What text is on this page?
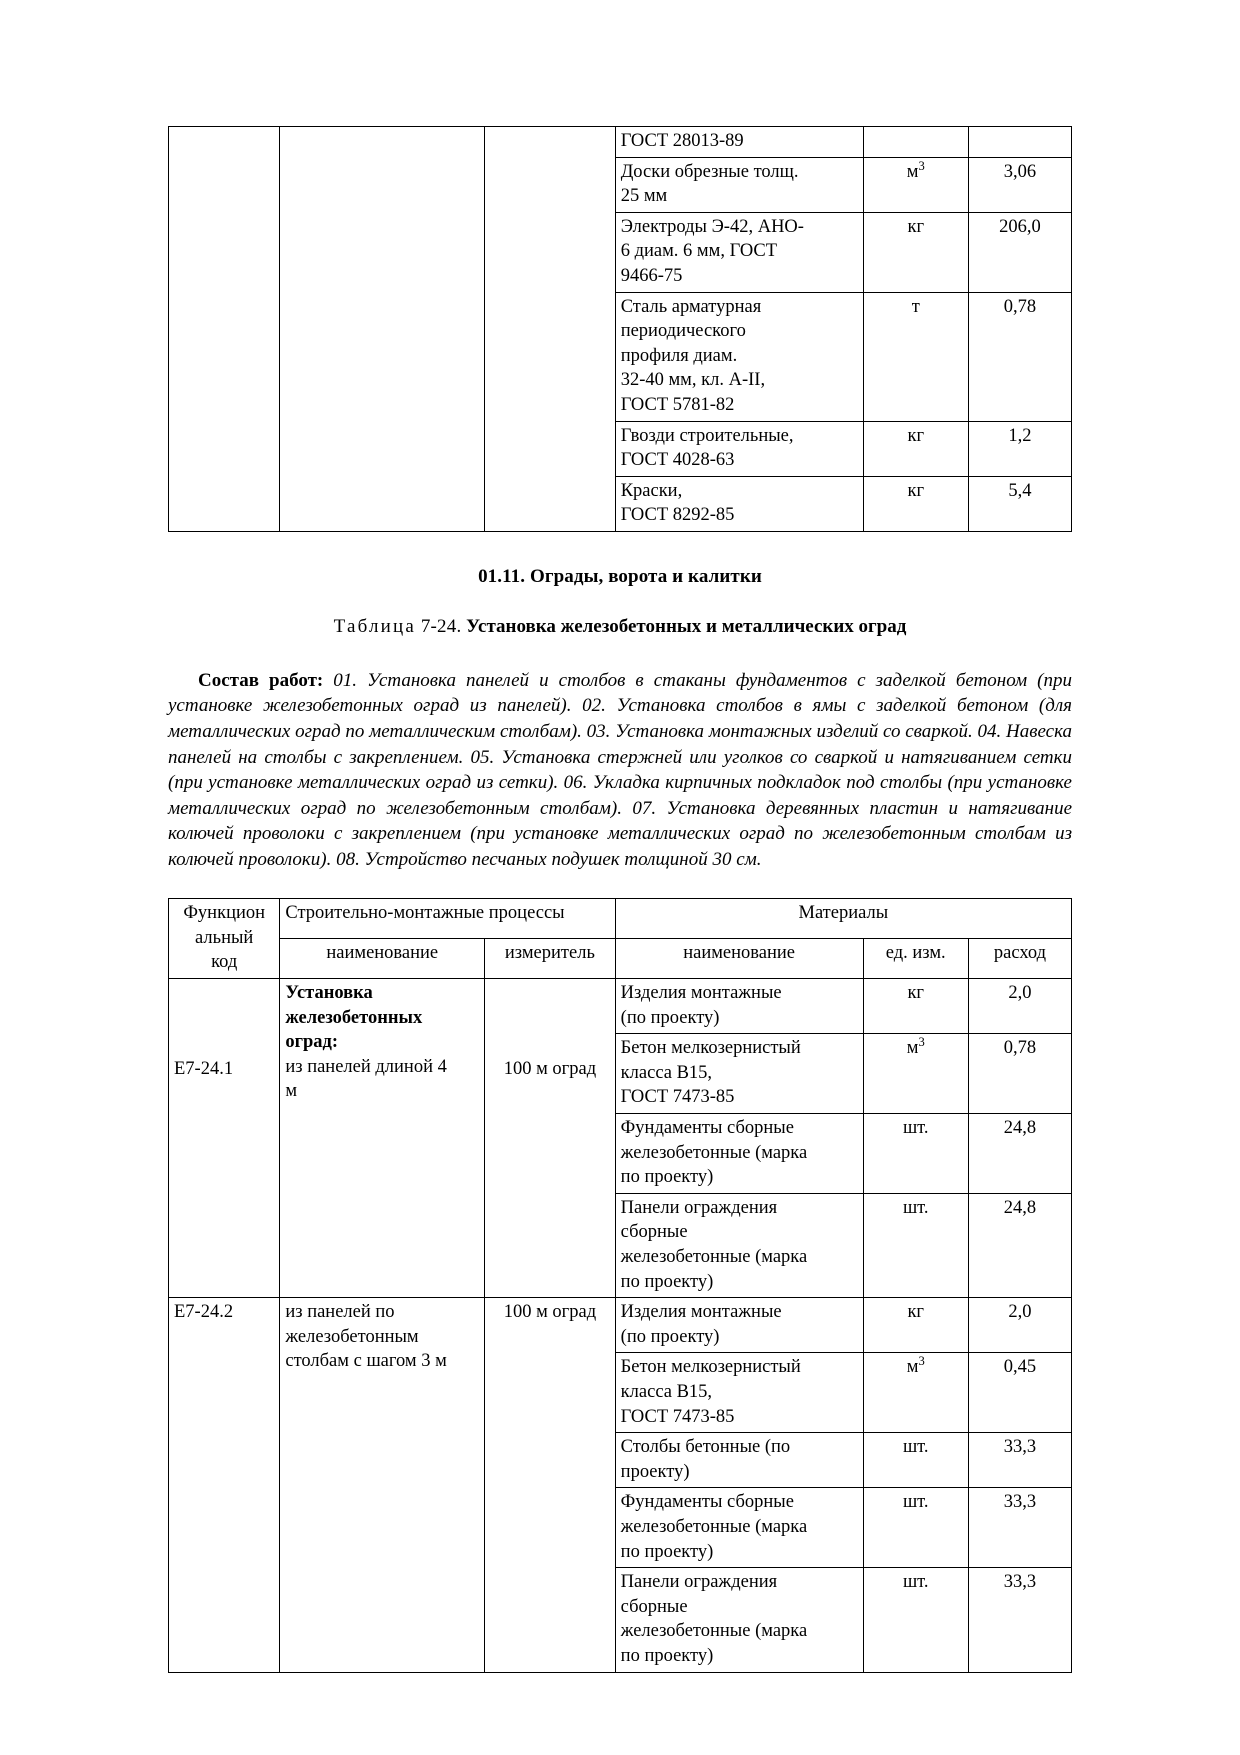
			ГОСТ 28013-89		
			Доски обрезные толщ.
25 мм	$м^3$	3,06
			Электроды Э-42, АНО-
6 диам. 6 мм, ГОСТ
9466-75	кг	206,0
			Сталь арматурная
периодического
профиля диам.
32-40 мм, кл. А-II,
ГОСТ 5781-82	т	0,78
			Гвозди строительные,
ГОСТ 4028-63	кг	1,2
			Краски,
ГОСТ 8292-85	кг	5,4
01.11. Ограды, ворота и калитки

Таблица 7-24. Установка железобетонных и металлических оград

Состав работ: 01. Установка панелей и столбов в стаканы фундаментов с заделкой бетоном (при установке железобетонных оград из панелей). 02. Установка столбов в ямы с заделкой бетоном (для металлических оград по металлическим столбам). 03. Установка монтажных изделий со сваркой. 04. Навеска панелей на столбы с закреплением. 05. Установка стержней или уголков со сваркой и натягиванием сетки (при установке металлических оград из сетки). 06. Укладка кирпичных подкладок под столбы (при установке металлических оград по железобетонным столбам). 07. Установка деревянных пластин и натягивание колючей проволоки с закреплением (при установке металлических оград по железобетонным столбам из колючей проволоки). 08. Устройство песчаных подушек толщиной 30 см.

Функцион
альный
код	Строительно-монтажные процессы		Материалы		
	наименование	измеритель	наименование	ед. изм.	расход
E7-24.1	Установка
железобетонных
оград:
из панелей длиной 4
м	100 м оград	Изделия монтажные
(по проекту)	кг	2,0
			Бетон мелкозернистый
класса В15,
ГОСТ 7473-85	$м^3$	0,78
			Фундаменты сборные
железобетонные (марка
по проекту)	шт.	24,8
			Панели ограждения
сборные
железобетонные (марка
по проекту)	шт.	24,8
E7-24.2	из панелей по
железобетонным
столбам с шагом 3 м	100 м оград	Изделия монтажные
(по проекту)	кг	2,0
			Бетон мелкозернистый
класса В15,
ГОСТ 7473-85	$м^3$	0,45
			Столбы бетонные (по
проекту)	шт.	33,3
			Фундаменты сборные
железобетонные (марка
по проекту)	шт.	33,3
			Панели ограждения
сборные
железобетонные (марка
по проекту)	шт.	33,3
